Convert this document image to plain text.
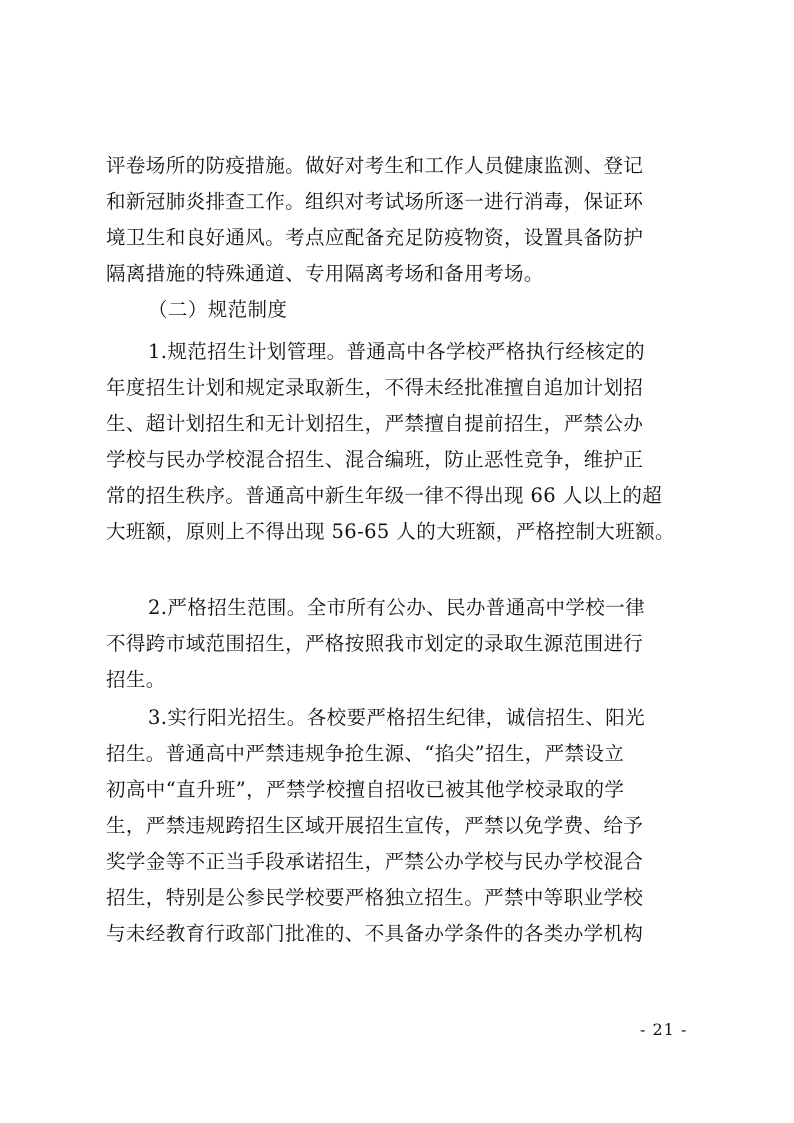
评卷场所的防疫措施。做好对考生和工作人员健康监测、登记
和新冠肺炎排查工作。组织对考试场所逐一进行消毒，保证环
境卫生和良好通风。考点应配备充足防疫物资，设置具备防护
隔离措施的特殊通道、专用隔离考场和备用考场。
（二）规范制度
1.规范招生计划管理。普通高中各学校严格执行经核定的
年度招生计划和规定录取新生，不得未经批准擅自追加计划招
生、超计划招生和无计划招生，严禁擅自提前招生，严禁公办
学校与民办学校混合招生、混合编班，防止恶性竞争，维护正
常的招生秩序。普通高中新生年级一律不得出现 66 人以上的超
大班额，原则上不得出现 56-65 人的大班额，严格控制大班额。
2.严格招生范围。全市所有公办、民办普通高中学校一律
不得跨市域范围招生，严格按照我市划定的录取生源范围进行
招生。
3.实行阳光招生。各校要严格招生纪律，诚信招生、阳光
招生。普通高中严禁违规争抢生源、“掐尖”招生，严禁设立
初高中“直升班”，严禁学校擅自招收已被其他学校录取的学
生，严禁违规跨招生区域开展招生宣传，严禁以免学费、给予
奖学金等不正当手段承诺招生，严禁公办学校与民办学校混合
招生，特别是公参民学校要严格独立招生。严禁中等职业学校
与未经教育行政部门批准的、不具备办学条件的各类办学机构
- 21 -
